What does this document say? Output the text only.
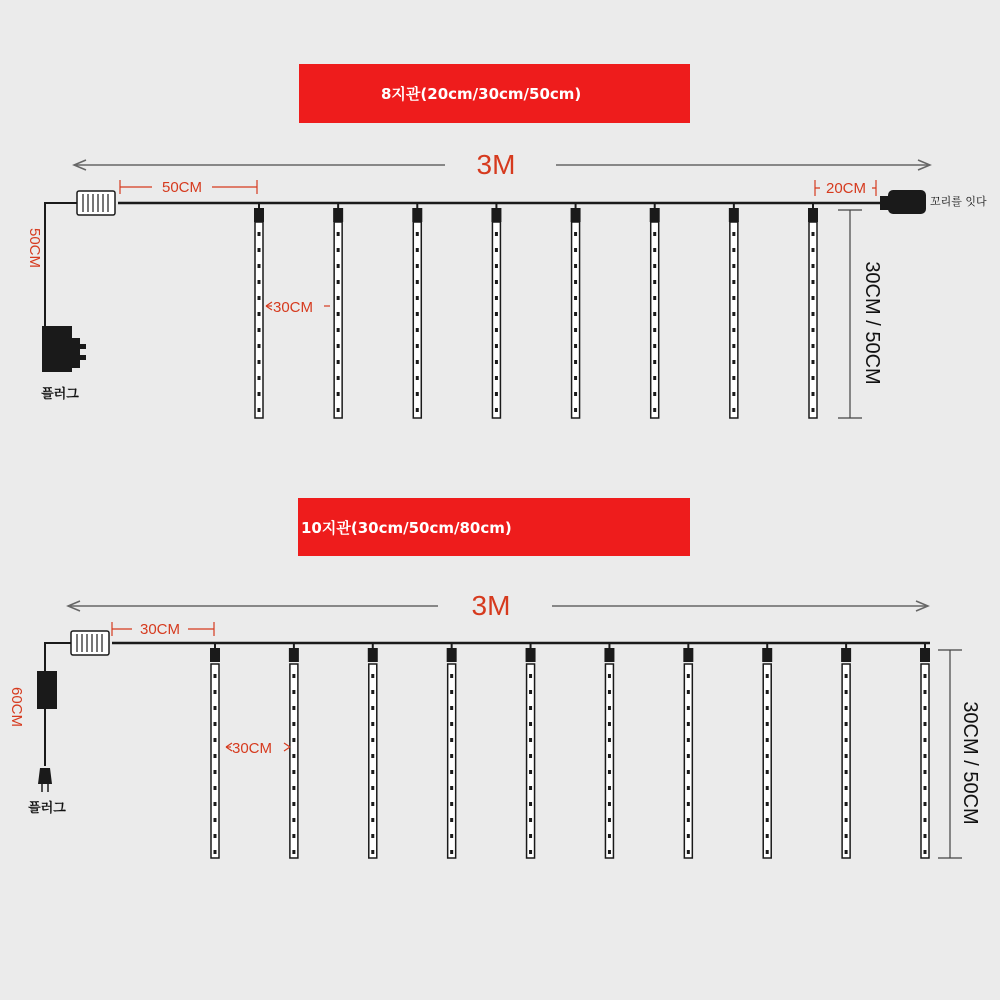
8지관(20cm/30cm/50cm)
10지관(30cm/50cm/80cm)
3M
50CM	20CM
꼬리를 잇다
50CM
플러그
30CM	30CM / 50CM
3M
30CM
60CM
플러그
30CM	30CM / 50CM
